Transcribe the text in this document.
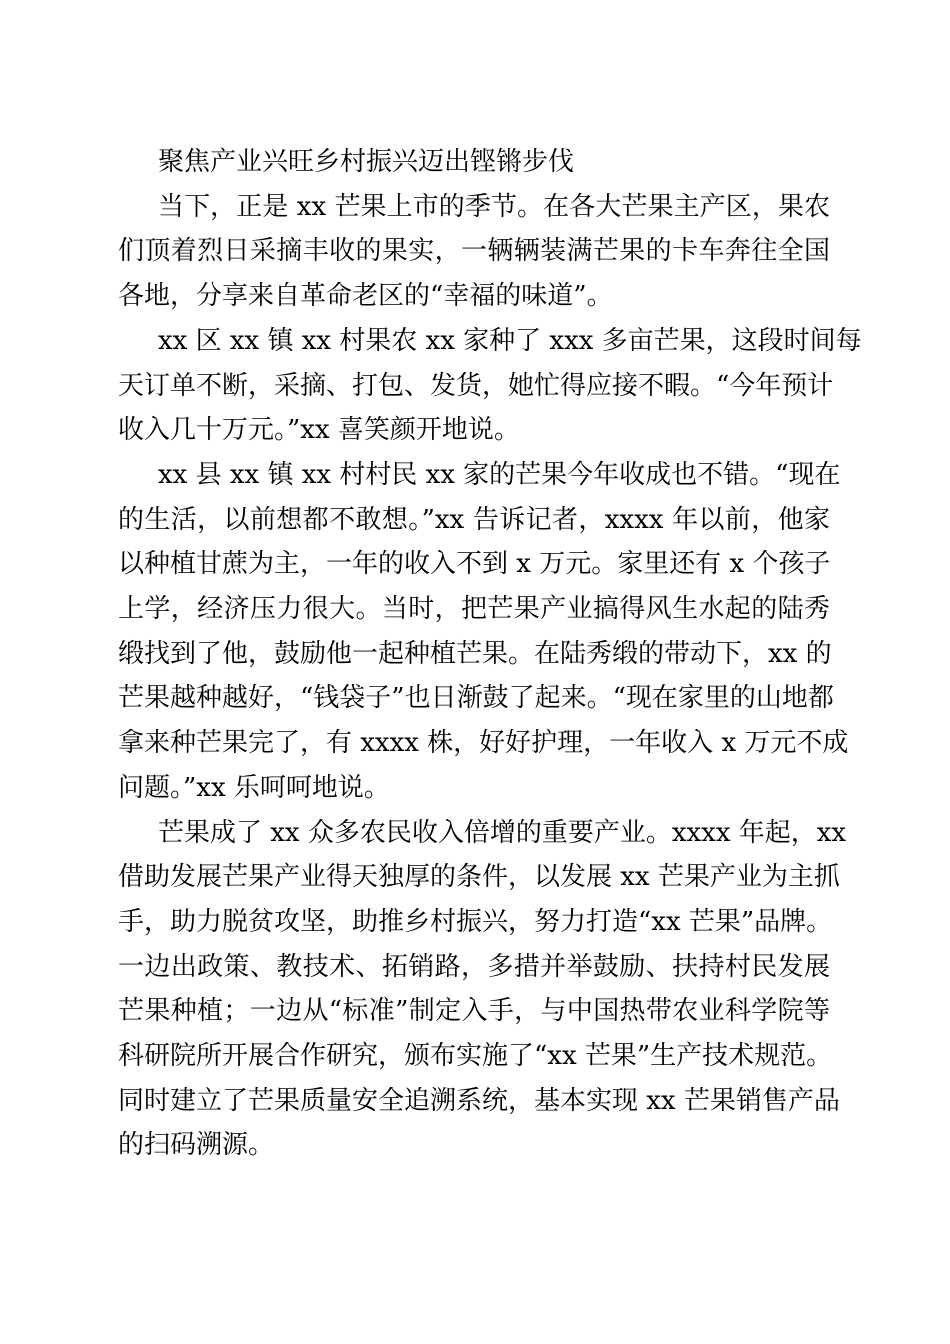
聚焦产业兴旺乡村振兴迈出铿锵步伐

当下，正是 xx 芒果上市的季节。在各大芒果主产区，果农
们顶着烈日采摘丰收的果实，一辆辆装满芒果的卡车奔往全国
各地，分享来自革命老区的“幸福的味道”。

xx 区 xx 镇 xx 村果农 xx 家种了 xxx 多亩芒果，这段时间每
天订单不断，采摘、打包、发货，她忙得应接不暇。“今年预计
收入几十万元。”xx 喜笑颜开地说。

xx 县 xx 镇 xx 村村民 xx 家的芒果今年收成也不错。“现在
的生活，以前想都不敢想。”xx 告诉记者，xxxx 年以前，他家
以种植甘蔗为主，一年的收入不到 x 万元。家里还有 x 个孩子
上学，经济压力很大。当时，把芒果产业搞得风生水起的陆秀
缎找到了他，鼓励他一起种植芒果。在陆秀缎的带动下，xx 的
芒果越种越好，“钱袋子”也日渐鼓了起来。“现在家里的山地都
拿来种芒果完了，有 xxxx 株，好好护理，一年收入 x 万元不成
问题。”xx 乐呵呵地说。

芒果成了 xx 众多农民收入倍增的重要产业。xxxx 年起，xx
借助发展芒果产业得天独厚的条件，以发展 xx 芒果产业为主抓
手，助力脱贫攻坚，助推乡村振兴，努力打造“xx 芒果”品牌。
一边出政策、教技术、拓销路，多措并举鼓励、扶持村民发展
芒果种植；一边从“标准”制定入手，与中国热带农业科学院等
科研院所开展合作研究，颁布实施了“xx 芒果”生产技术规范。
同时建立了芒果质量安全追溯系统，基本实现 xx 芒果销售产品
的扫码溯源。
